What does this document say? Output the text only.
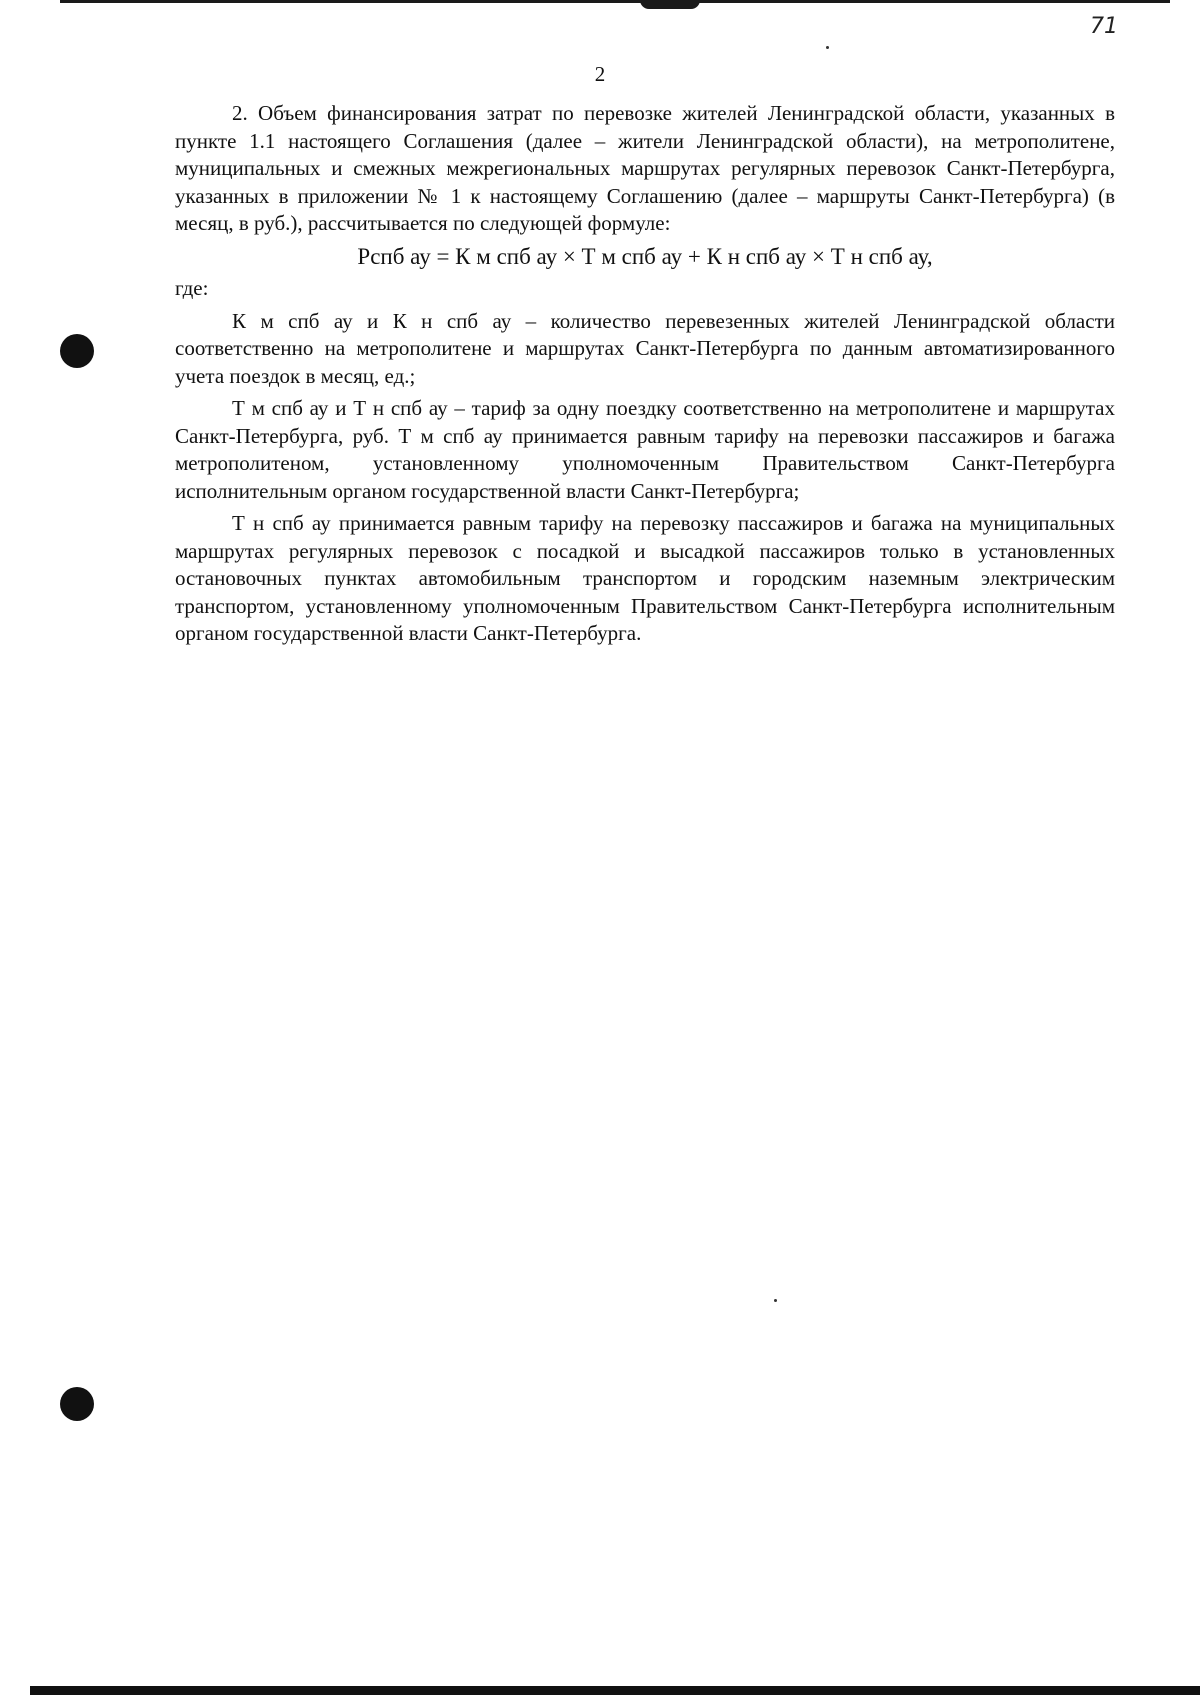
71
2

2. Объем финансирования затрат по перевозке жителей Ленинградской области, указанных в пункте 1.1 настоящего Соглашения (далее – жители Ленинградской области), на метрополитене, муниципальных и смежных межрегиональных маршрутах регулярных перевозок Санкт-Петербурга, указанных в приложении № 1 к настоящему Соглашению (далее – маршруты Санкт-Петербурга) (в месяц, в руб.), рассчитывается по следующей формуле:

Рспб ау = К м спб ау × Т м спб ау + К н спб ау × Т н спб ау,

где:

К м спб ау и К н спб ау – количество перевезенных жителей Ленинградской области соответственно на метрополитене и маршрутах Санкт-Петербурга по данным автоматизированного учета поездок в месяц, ед.;

Т м спб ау и Т н спб ау – тариф за одну поездку соответственно на метрополитене и маршрутах Санкт-Петербурга, руб. Т м спб ау принимается равным тарифу на перевозки пассажиров и багажа метрополитеном, установленному уполномоченным Правительством Санкт-Петербурга исполнительным органом государственной власти Санкт-Петербурга;

Т н спб ау принимается равным тарифу на перевозку пассажиров и багажа на муниципальных маршрутах регулярных перевозок с посадкой и высадкой пассажиров только в установленных остановочных пунктах автомобильным транспортом и городским наземным электрическим транспортом, установленному уполномоченным Правительством Санкт-Петербурга исполнительным органом государственной власти Санкт-Петербурга.
